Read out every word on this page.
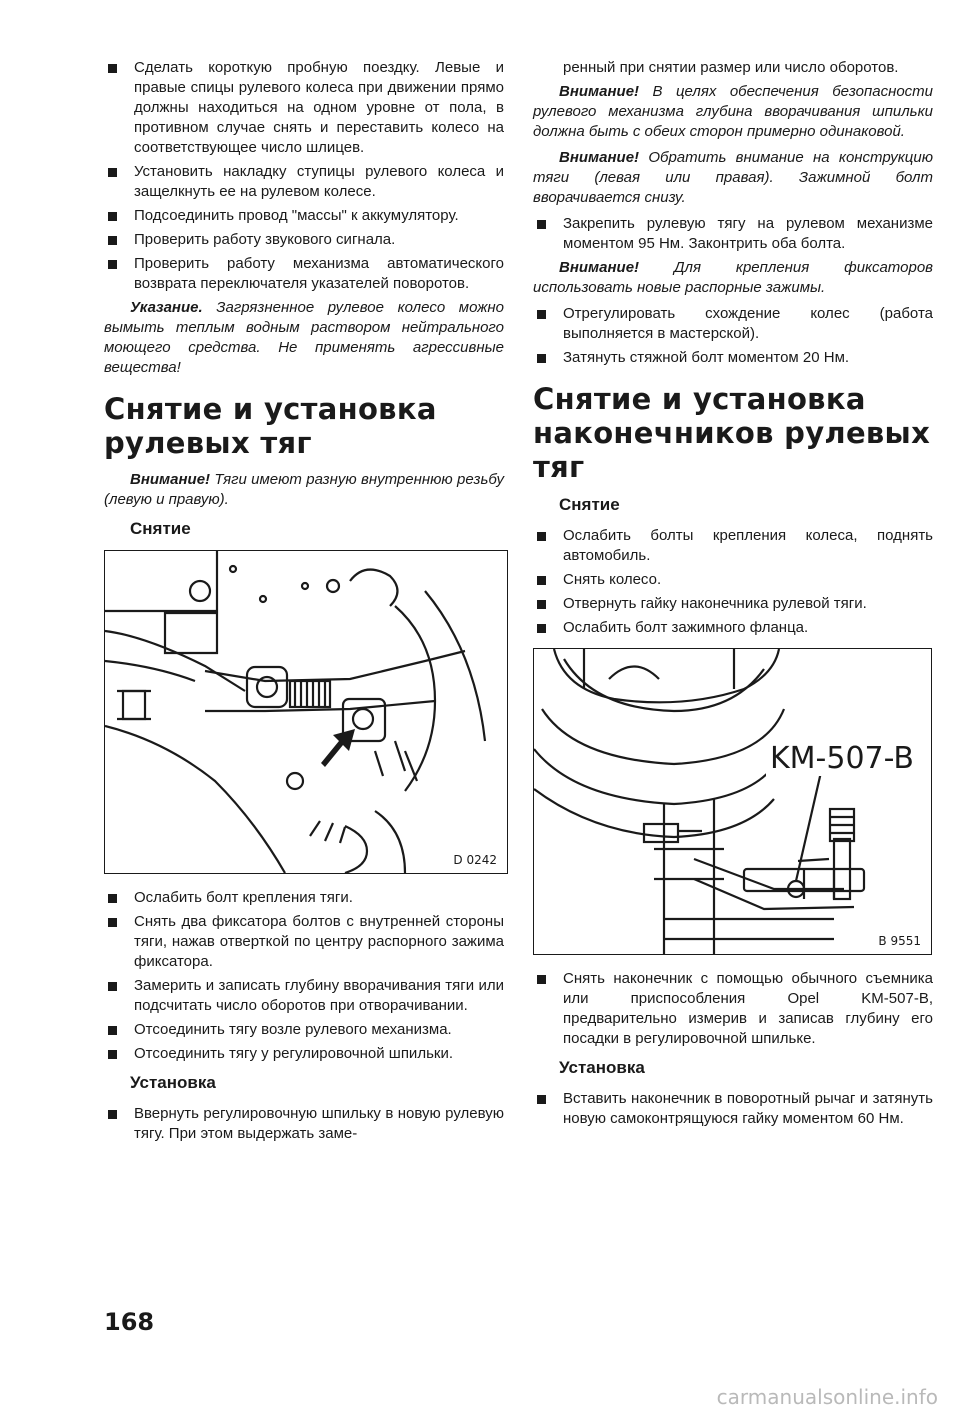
Сделать короткую пробную поездку. Левые и правые спицы рулевого колеса при движении прямо должны находиться на одном уровне от пола, в противном случае снять и переставить колесо на соответствующее число шлицев.
Установить накладку ступицы рулевого колеса и защелкнуть ее на рулевом колесе.
Подсоединить провод "массы" к аккумулятору.
Проверить работу звукового сигнала.
Проверить работу механизма автоматического возврата переключателя указателей поворотов.

Указание. Загрязненное рулевое колесо можно вымыть теплым водным раствором нейтрального моющего средства. Не применять агрессивные вещества!

Снятие и установка рулевых тяг

Внимание! Тяги имеют разную внутреннюю резьбу (левую и правую).

Снятие
D 0242
Ослабить болт крепления тяги.
Снять два фиксатора болтов с внутренней стороны тяги, нажав отверткой по центру распорного зажима фиксатора.
Замерить и записать глубину вворачивания тяги или подсчитать число оборотов при отворачивании.
Отсоединить тягу возле рулевого механизма.
Отсоединить тягу у регулировочной шпильки.
Установка
Ввернуть регулировочную шпильку в новую рулевую тягу. При этом выдержать заме-
ренный при снятии размер или число оборотов.

Внимание! В целях обеспечения безопасности рулевого механизма глубина вворачивания шпильки должна быть с обеих сторон примерно одинаковой.

Внимание! Обратить внимание на конструкцию тяги (левая или правая). Зажимной болт вворачивается снизу.

Закрепить рулевую тягу на рулевом механизме моментом 95 Нм. Законтрить оба болта.

Внимание! Для крепления фиксаторов использовать новые распорные зажимы.

Отрегулировать схождение колес (работа выполняется в мастерской).
Затянуть стяжной болт моментом 20 Нм.
Снятие и установка наконечников рулевых тяг
Снятие
Ослабить болты крепления колеса, поднять автомобиль.
Снять колесо.
Отвернуть гайку наконечника рулевой тяги.
Ослабить болт зажимного фланца.
KM-507-B
B 9551
Снять наконечник с помощью обычного съемника или приспособления Opel KM-507-B, предварительно измерив и записав глубину его посадки в регулировочной шпильке.
Установка
Вставить наконечник в поворотный рычаг и затянуть новую самоконтрящуюся гайку моментом 60 Нм.
168
carmanualsonline.info
